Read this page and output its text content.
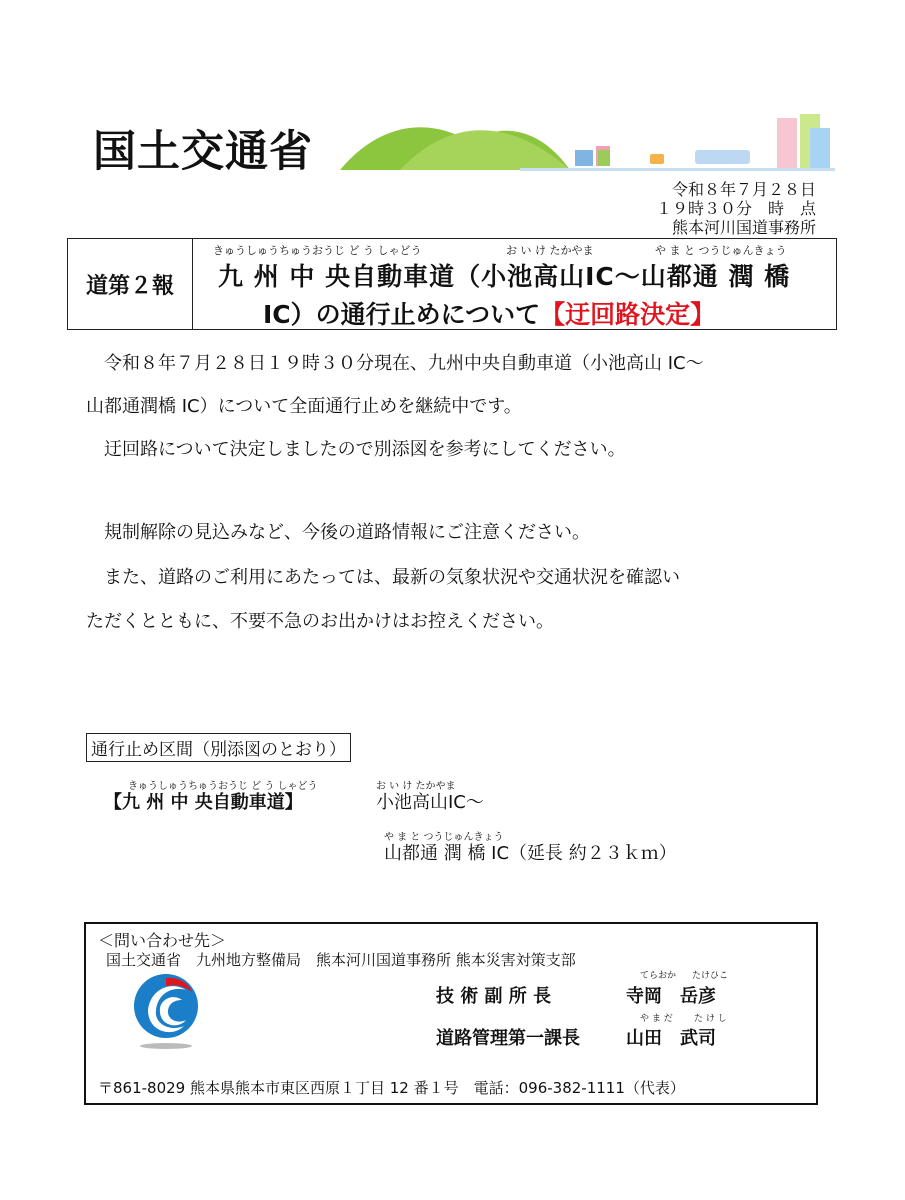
国土交通省
令和８年７月２８日
１９時３０分　時　点
熊本河川国道事務所
道第２報
きゅうしゅうちゅうおうじ ど う しゃどう	お い け たかやま	や ま と つうじゅんきょう
九 州 中 央自動車道（小池高山IC～山都通 潤 橋
IC）の通行止めについて【迂回路決定】
　令和８年７月２８日１９時３０分現在、九州中央自動車道（小池高山 IC～
山都通潤橋 IC）について全面通行止めを継続中です。
　迂回路について決定しましたので別添図を参考にしてください。
　規制解除の見込みなど、今後の道路情報にご注意ください。
　また、道路のご利用にあたっては、最新の気象状況や交通状況を確認い
ただくとともに、不要不急のお出かけはお控えください。
通行止め区間（別添図のとおり）
きゅうしゅうちゅうおうじ ど う しゃどう
【九 州 中 央自動車道】
お い け たかやま
小池高山IC～
や ま と つうじゅんきょう
山都通 潤 橋 IC（延長 約２３ｋｍ）
＜問い合わせ先＞
国土交通省　九州地方整備局　熊本河川国道事務所 熊本災害対策支部
てらおか たけひこ
技 術 副 所 長	寺岡　岳彦
や ま だ た け し
道路管理第一課長	山田　武司
〒861-8029 熊本県熊本市東区西原１丁目 12 番１号　電話：096-382-1111（代表）
